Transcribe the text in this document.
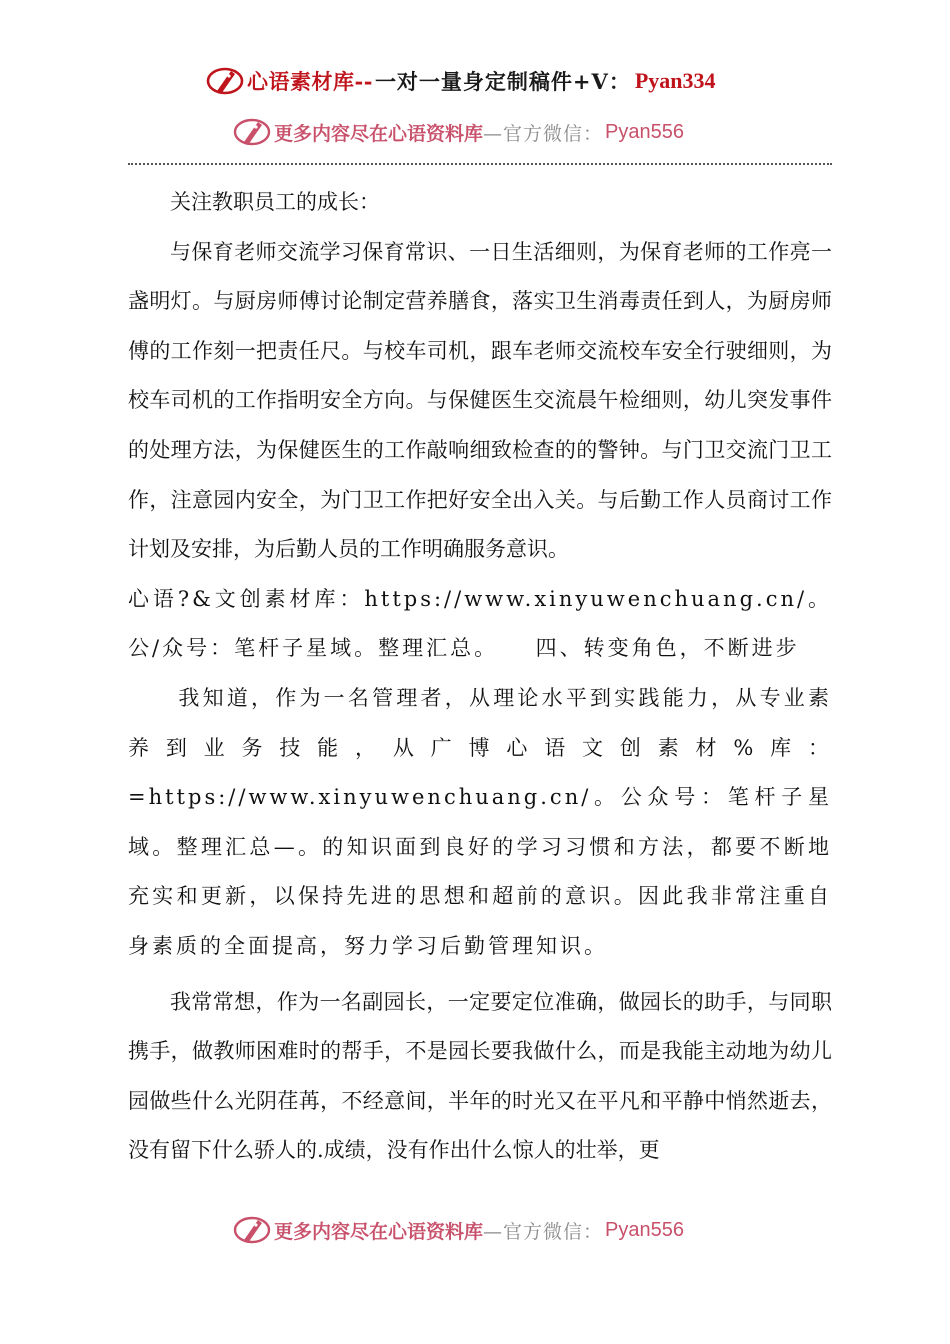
心语素材库-- 一对一量身定制稿件+V： Pyan334
更多内容尽在心语资料库 —官方微信： Pyan556

关注教职员工的成长：

与保育老师交流学习保育常识、一日生活细则，为保育老师的工作亮一盏明灯。与厨房师傅讨论制定营养膳食，落实卫生消毒责任到人，为厨房师傅的工作刻一把责任尺。与校车司机，跟车老师交流校车安全行驶细则，为校车司机的工作指明安全方向。与保健医生交流晨午检细则，幼儿突发事件的处理方法，为保健医生的工作敲响细致检查的的警钟。与门卫交流门卫工作，注意园内安全，为门卫工作把好安全出入关。与后勤工作人员商讨工作计划及安排，为后勤人员的工作明确服务意识。

心语?&文创素材库：https://www.xinyuwenchuang.cn/。公/众号：笔杆子星域。整理汇总。　　四、转变角色，不断进步

我知道，作为一名管理者，从理论水平到实践能力，从专业素养到业务技能，从广博心语文创素材%库：=https://www.xinyuwenchuang.cn/。公众号：笔杆子星域。整理汇总—。的知识面到良好的学习习惯和方法，都要不断地充实和更新，以保持先进的思想和超前的意识。因此我非常注重自身素质的全面提高，努力学习后勤管理知识。

我常常想，作为一名副园长，一定要定位准确，做园长的助手，与同职携手，做教师困难时的帮手，不是园长要我做什么，而是我能主动地为幼儿园做些什么光阴荏苒，不经意间，半年的时光又在平凡和平静中悄然逝去，没有留下什么骄人的.成绩，没有作出什么惊人的壮举，更

更多内容尽在心语资料库 —官方微信： Pyan556
